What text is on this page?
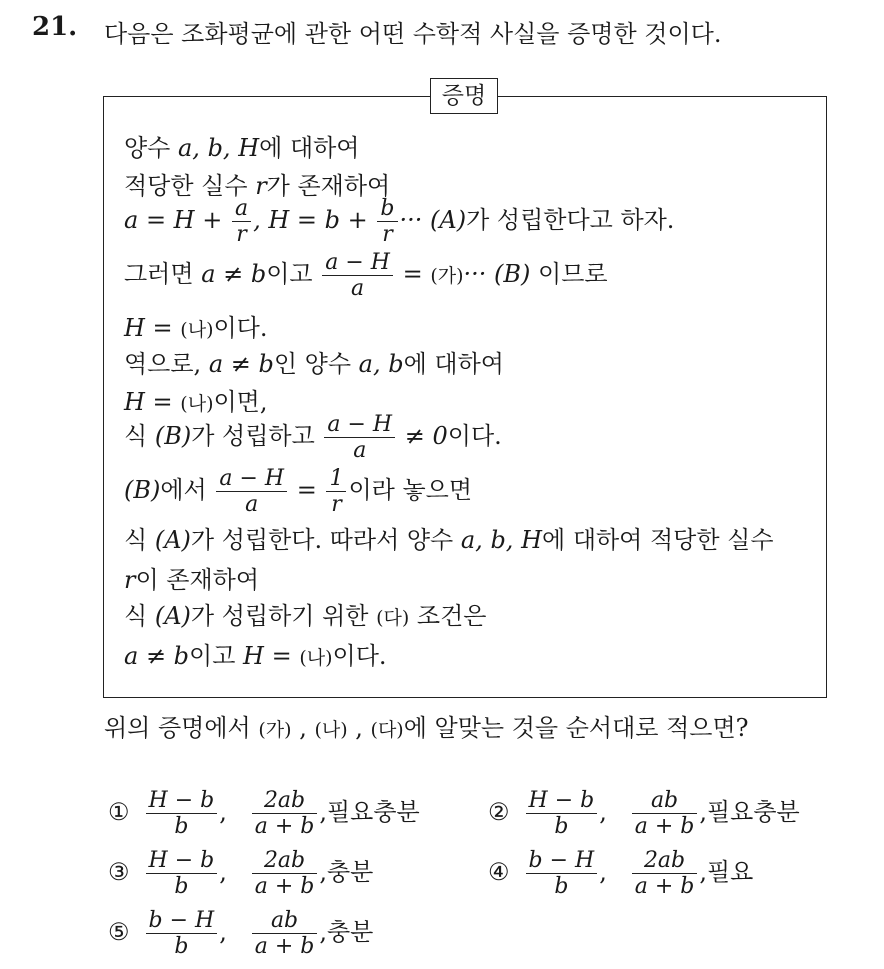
21. 다음은 조화평균에 관한 어떤 수학적 사실을 증명한 것이다.
증명
양수 a, b, H에 대하여
적당한 실수 r가 존재하여
$a = H + \frac{a}{r}$ , $H = b + \frac{b}{r}$ ··· (A)가 성립한다고 하자.
그러면 a ≠ b이고 $\frac{a - H}{a}$ = (가)··· (B) 이므로
H = (나)이다.
역으로, a ≠ b인 양수 a, b에 대하여
H = (나)이면,
식 (B)가 성립하고 $\frac{a - H}{a} \ne 0$이다.
(B)에서 $\frac{a - H}{a} = \frac{1}{r}$ 이라 놓으면
식 (A)가 성립한다. 따라서 양수 a, b, H에 대하여 적당한 실수
r이 존재하여
식 (A)가 성립하기 위한 (다) 조건은
a ≠ b이고 H = (나)이다.
위의 증명에서 (가) , (나) , (다)에 알맞는 것을 순서대로 적으면?
① $\frac{H - b}{b}$ , $\frac{2ab}{a + b}$ ,필요충분	② $\frac{H - b}{b}$ , $\frac{ab}{a + b}$ ,필요충분
③ $\frac{H - b}{b}$ , $\frac{2ab}{a + b}$ ,충분	④ $\frac{b - H}{b}$ , $\frac{2ab}{a + b}$ ,필요
⑤ $\frac{b - H}{b}$ , $\frac{ab}{a + b}$ ,충분
